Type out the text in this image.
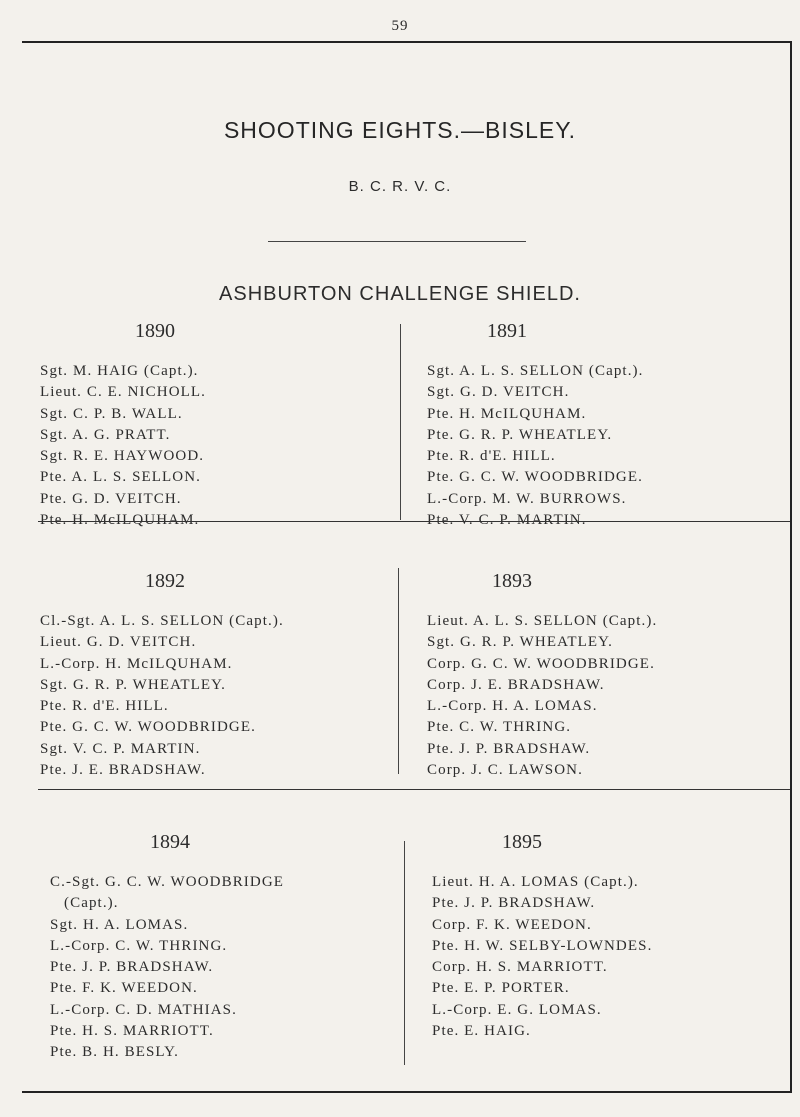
59
SHOOTING EIGHTS.—BISLEY.
B. C. R. V. C.
ASHBURTON CHALLENGE SHIELD.
1890
Sgt. M. HAIG (Capt.).
Lieut. C. E. NICHOLL.
Sgt. C. P. B. WALL.
Sgt. A. G. PRATT.
Sgt. R. E. HAYWOOD.
Pte. A. L. S. SELLON.
Pte. G. D. VEITCH.
Pte. H. McILQUHAM.
1891
Sgt. A. L. S. SELLON (Capt.).
Sgt. G. D. VEITCH.
Pte. H. McILQUHAM.
Pte. G. R. P. WHEATLEY.
Pte. R. d'E. HILL.
Pte. G. C. W. WOODBRIDGE.
L.-Corp. M. W. BURROWS.
Pte. V. C. P. MARTIN.
1892
Cl.-Sgt. A. L. S. SELLON (Capt.).
Lieut. G. D. VEITCH.
L.-Corp. H. McILQUHAM.
Sgt. G. R. P. WHEATLEY.
Pte. R. d'E. HILL.
Pte. G. C. W. WOODBRIDGE.
Sgt. V. C. P. MARTIN.
Pte. J. E. BRADSHAW.
1893
Lieut. A. L. S. SELLON (Capt.).
Sgt. G. R. P. WHEATLEY.
Corp. G. C. W. WOODBRIDGE.
Corp. J. E. BRADSHAW.
L.-Corp. H. A. LOMAS.
Pte. C. W. THRING.
Pte. J. P. BRADSHAW.
Corp. J. C. LAWSON.
1894
C.-Sgt. G. C. W. WOODBRIDGE
(Capt.).
Sgt. H. A. LOMAS.
L.-Corp. C. W. THRING.
Pte. J. P. BRADSHAW.
Pte. F. K. WEEDON.
L.-Corp. C. D. MATHIAS.
Pte. H. S. MARRIOTT.
Pte. B. H. BESLY.
1895
Lieut. H. A. LOMAS (Capt.).
Pte. J. P. BRADSHAW.
Corp. F. K. WEEDON.
Pte. H. W. SELBY-LOWNDES.
Corp. H. S. MARRIOTT.
Pte. E. P. PORTER.
L.-Corp. E. G. LOMAS.
Pte. E. HAIG.
